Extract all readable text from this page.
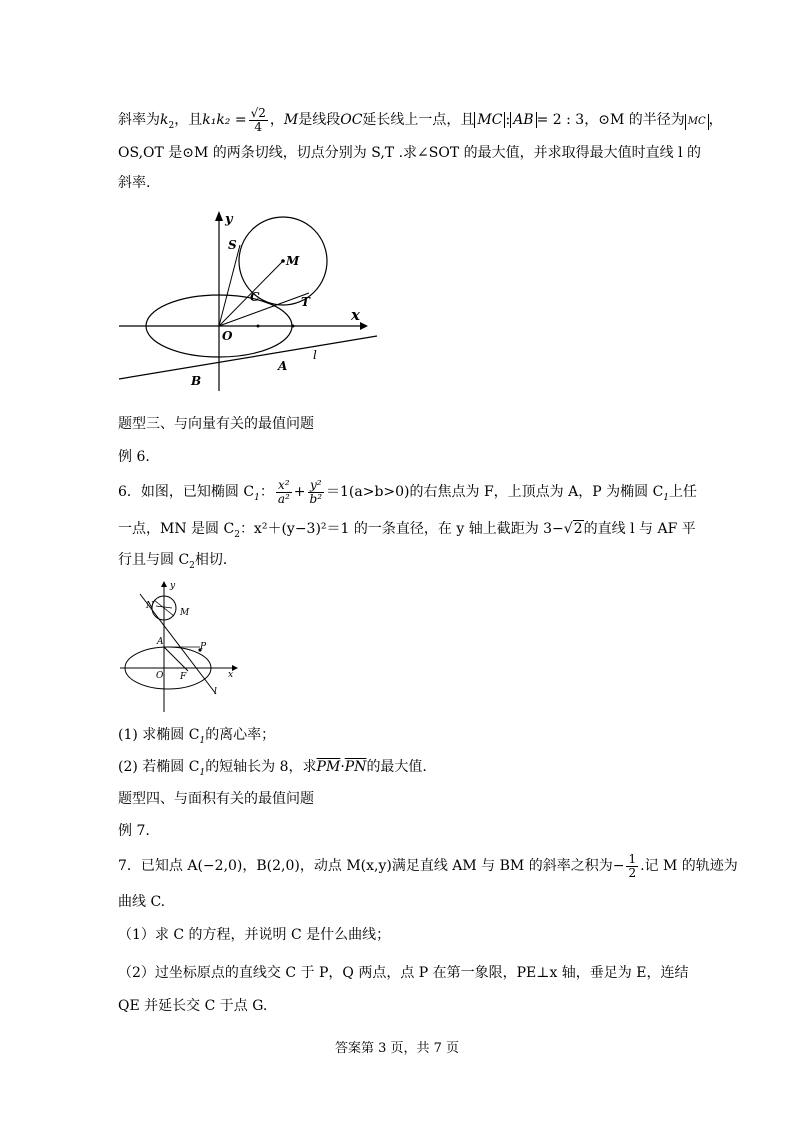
斜率为$k_2$，且$k_1k_2 = \frac{√2}{4}$ ，M是线段OC延长线上一点，且 MC : AB = 2 : 3，⊙M 的半径为 MC ，
OS,OT 是⊙M 的两条切线，切点分别为 S,T .求∠SOT 的最大值，并求取得最大值时直线 l 的
斜率.
y
x
S
M
C	T
O
l
A
B
题型三、与向量有关的最值问题
例 6.
6．如图，已知椭圆 $C_1$： $\frac{\text{x²}}{\text{a²}} + \frac{\text{y²}}{\text{b²}} =1(a>b>0)$的右焦点为 F，上顶点为 A，P 为椭圆 $C_1$上任
一点，MN 是圆 $C_2$：x²＋(y−3)²＝1 的一条直径，在 y 轴上截距为 3−√2的直线 l 与 AF 平
行且与圆 $C_2$相切．
y
N
M
A	P
O F	x
l
(1) 求椭圆 $C_1$的离心率；
(2) 若椭圆 $C_1$的短轴长为 8，求$\overline{PM}\cdot\overline{PN}$的最大值.
题型四、与面积有关的最值问题
例 7.
7．已知点 A(−2,0)，B(2,0)，动点 M(x,y)满足直线 AM 与 BM 的斜率之积为− $\frac{1}{2}$ .记 M 的轨迹为
曲线 C.
（1）求 C 的方程，并说明 C 是什么曲线；
（2）过坐标原点的直线交 C 于 P，Q 两点，点 P 在第一象限，PE⊥x 轴，垂足为 E，连结
QE 并延长交 C 于点 G.
答案第 3 页，共 7 页
